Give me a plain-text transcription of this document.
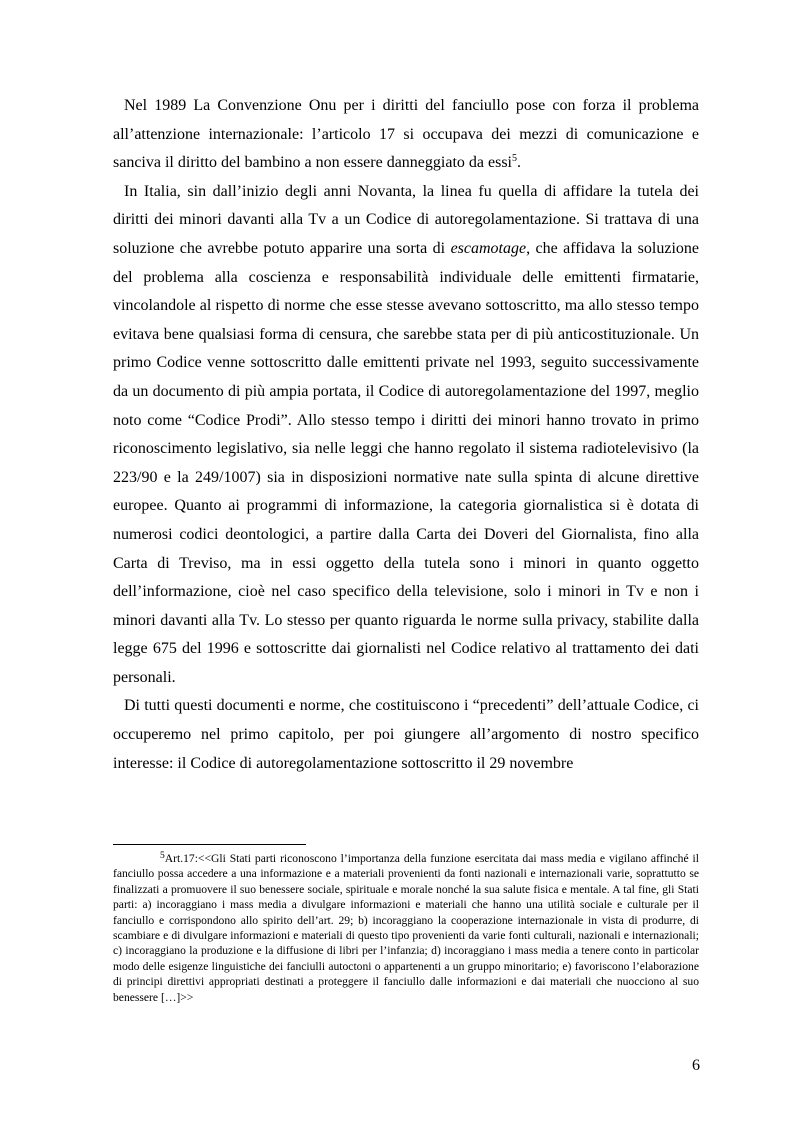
Nel 1989 La Convenzione Onu per i diritti del fanciullo pose con forza il problema all’attenzione internazionale: l’articolo 17 si occupava dei mezzi di comunicazione e sanciva il diritto del bambino a non essere danneggiato da essi$^5$.

In Italia, sin dall’inizio degli anni Novanta, la linea fu quella di affidare la tutela dei diritti dei minori davanti alla Tv a un Codice di autoregolamentazione. Si trattava di una soluzione che avrebbe potuto apparire una sorta di escamotage, che affidava la soluzione del problema alla coscienza e responsabilità individuale delle emittenti firmatarie, vincolandole al rispetto di norme che esse stesse avevano sottoscritto, ma allo stesso tempo evitava bene qualsiasi forma di censura, che sarebbe stata per di più anticostituzionale. Un primo Codice venne sottoscritto dalle emittenti private nel 1993, seguito successivamente da un documento di più ampia portata, il Codice di autoregolamentazione del 1997, meglio noto come “Codice Prodi”. Allo stesso tempo i diritti dei minori hanno trovato in primo riconoscimento legislativo, sia nelle leggi che hanno regolato il sistema radiotelevisivo (la 223/90 e la 249/1007) sia in disposizioni normative nate sulla spinta di alcune direttive europee. Quanto ai programmi di informazione, la categoria giornalistica si è dotata di numerosi codici deontologici, a partire dalla Carta dei Doveri del Giornalista, fino alla Carta di Treviso, ma in essi oggetto della tutela sono i minori in quanto oggetto dell’informazione, cioè nel caso specifico della televisione, solo i minori in Tv e non i minori davanti alla Tv. Lo stesso per quanto riguarda le norme sulla privacy, stabilite dalla legge 675 del 1996 e sottoscritte dai giornalisti nel Codice relativo al trattamento dei dati personali.

Di tutti questi documenti e norme, che costituiscono i “precedenti” dell’attuale Codice, ci occuperemo nel primo capitolo, per poi giungere all’argomento di nostro specifico interesse: il Codice di autoregolamentazione sottoscritto il 29 novembre

$^5$Art.17:<<Gli Stati parti riconoscono l’importanza della funzione esercitata dai mass media e vigilano affinché il fanciullo possa accedere a una informazione e a materiali provenienti da fonti nazionali e internazionali varie, soprattutto se finalizzati a promuovere il suo benessere sociale, spirituale e morale nonché la sua salute fisica e mentale. A tal fine, gli Stati parti: a) incoraggiano i mass media a divulgare informazioni e materiali che hanno una utilità sociale e culturale per il fanciullo e corrispondono allo spirito dell’art. 29; b) incoraggiano la cooperazione internazionale in vista di produrre, di scambiare e di divulgare informazioni e materiali di questo tipo provenienti da varie fonti culturali, nazionali e internazionali; c) incoraggiano la produzione e la diffusione di libri per l’infanzia; d) incoraggiano i mass media a tenere conto in particolar modo delle esigenze linguistiche dei fanciulli autoctoni o appartenenti a un gruppo minoritario; e) favoriscono l’elaborazione di principi direttivi appropriati destinati a proteggere il fanciullo dalle informazioni e dai materiali che nuocciono al suo benessere […]>>

6
